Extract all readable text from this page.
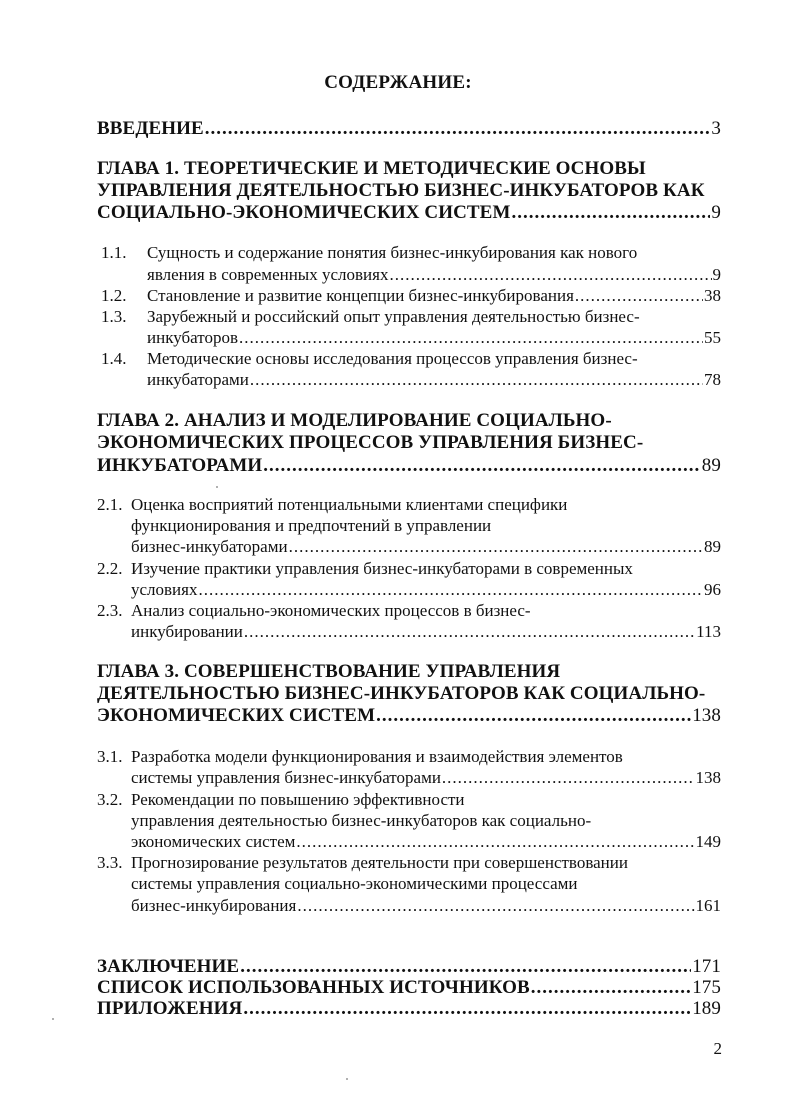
СОДЕРЖАНИЕ:
ВВЕДЕНИЕ .....	3
ГЛАВА 1. ТЕОРЕТИЧЕСКИЕ И МЕТОДИЧЕСКИЕ ОСНОВЫ
УПРАВЛЕНИЯ ДЕЯТЕЛЬНОСТЬЮ БИЗНЕС-ИНКУБАТОРОВ КАК
СОЦИАЛЬНО-ЭКОНОМИЧЕСКИХ СИСТЕМ .....	9
1.1. Сущность и содержание понятия бизнес-инкубирования как нового
явления в современных условиях .....	9
1.2. Становление и развитие концепции бизнес-инкубирования .....	38
1.3. Зарубежный и российский опыт управления деятельностью бизнес-
инкубаторов .....	55
1.4. Методические основы исследования процессов управления бизнес-
инкубаторами .....	78
ГЛАВА 2. АНАЛИЗ И МОДЕЛИРОВАНИЕ СОЦИАЛЬНО-
ЭКОНОМИЧЕСКИХ ПРОЦЕССОВ УПРАВЛЕНИЯ БИЗНЕС-
ИНКУБАТОРАМИ .....	89
2.1. Оценка восприятий потенциальными клиентами специфики
функционирования и предпочтений в управлении
бизнес-инкубаторами .....	89
2.2. Изучение практики управления бизнес-инкубаторами в современных
условиях .....	96
2.3. Анализ социально-экономических процессов в бизнес-
инкубировании .....	113
ГЛАВА 3. СОВЕРШЕНСТВОВАНИЕ УПРАВЛЕНИЯ
ДЕЯТЕЛЬНОСТЬЮ БИЗНЕС-ИНКУБАТОРОВ КАК СОЦИАЛЬНО-
ЭКОНОМИЧЕСКИХ СИСТЕМ .....	138
3.1. Разработка модели функционирования и взаимодействия элементов
системы управления бизнес-инкубаторами .....	138
3.2. Рекомендации по повышению эффективности
управления деятельностью бизнес-инкубаторов как социально-
экономических систем .....	149
3.3. Прогнозирование результатов деятельности при совершенствовании
системы управления социально-экономическими процессами
бизнес-инкубирования .....	161
ЗАКЛЮЧЕНИЕ .....	171
СПИСОК ИСПОЛЬЗОВАННЫХ ИСТОЧНИКОВ .....	175
ПРИЛОЖЕНИЯ .....	189
2
